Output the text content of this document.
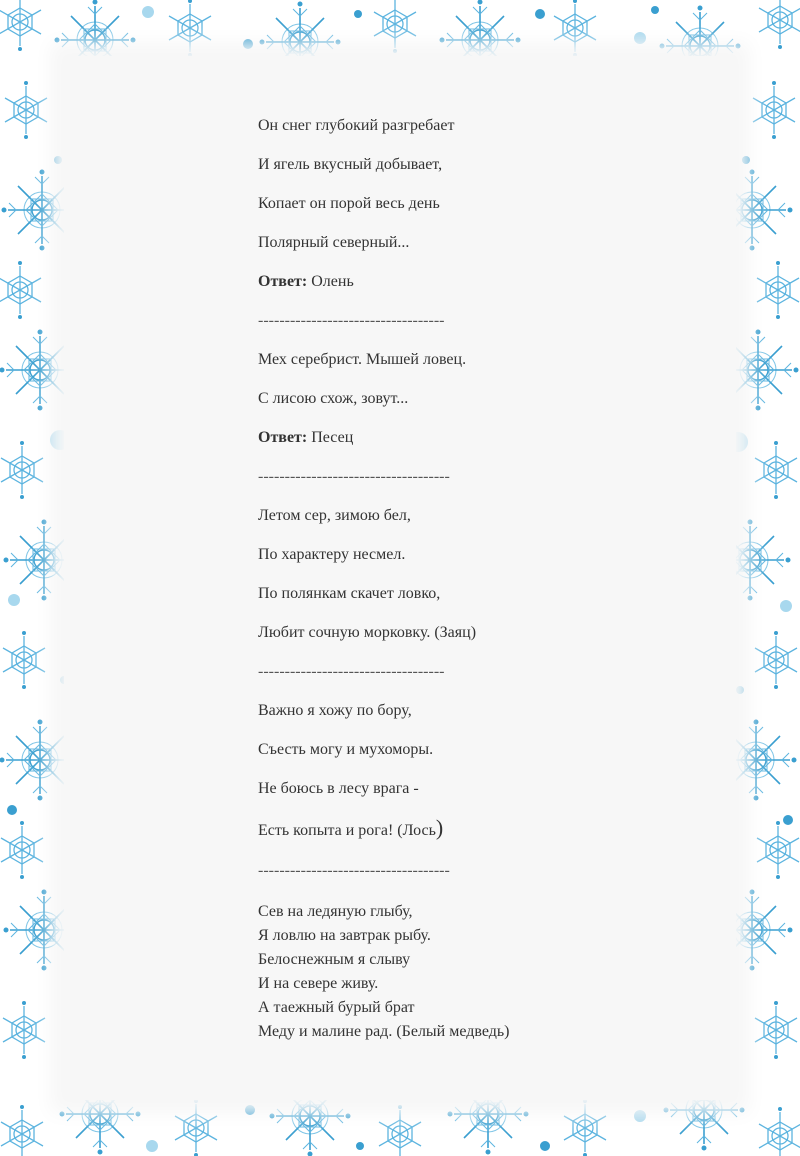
Он снег глубокий разгребает
И ягель вкусный добывает,
Копает он порой весь день
Полярный северный...
Ответ: Олень
-----------------------------------
Мех серебрист. Мышей ловец.
С лисою схож, зовут...
Ответ: Песец
------------------------------------
Летом сер, зимою бел,
По характеру несмел.
По полянкам скачет ловко,
Любит сочную морковку. (Заяц)
-----------------------------------
Важно я хожу по бору,
Съесть могу и мухоморы.
Не боюсь в лесу врага -
Есть копыта и рога! (Лось)
------------------------------------
Сев на ледяную глыбу,
Я ловлю на завтрак рыбу.
Белоснежным я слыву
И на севере живу.
А таежный бурый брат
Меду и малине рад. (Белый медведь)
